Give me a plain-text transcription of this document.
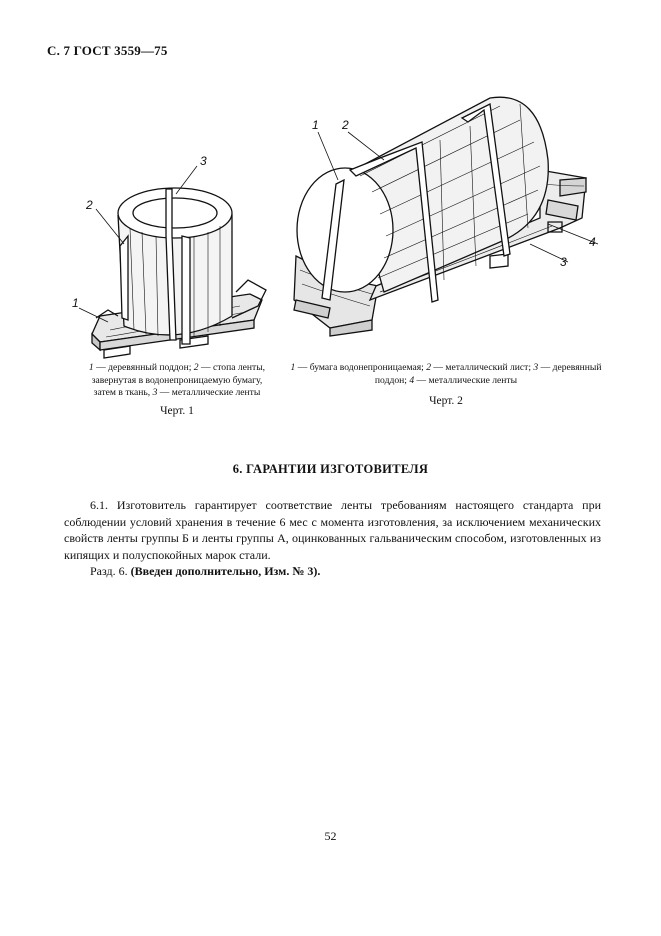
С. 7 ГОСТ 3559—75
3
2
1
1 2
4
3
1 — деревянный поддон; 2 — стопа ленты, завернутая в водонепроницаемую бумагу, затем в ткань, 3 — металлические ленты
Черт. 1
1 — бумага водонепроницаемая; 2 — металлический лист; 3 — деревянный поддон; 4 — металлические ленты
Черт. 2
6. ГАРАНТИИ ИЗГОТОВИТЕЛЯ

6.1. Изготовитель гарантирует соответствие ленты требованиям настоящего стандарта при соблюдении условий хранения в течение 6 мес с момента изготовления, за исключением механических свойств ленты группы Б и ленты группы А, оцинкованных гальваническим способом, изготовленных из кипящих и полуспокойных марок стали.

Разд. 6. (Введен дополнительно, Изм. № 3).

52
